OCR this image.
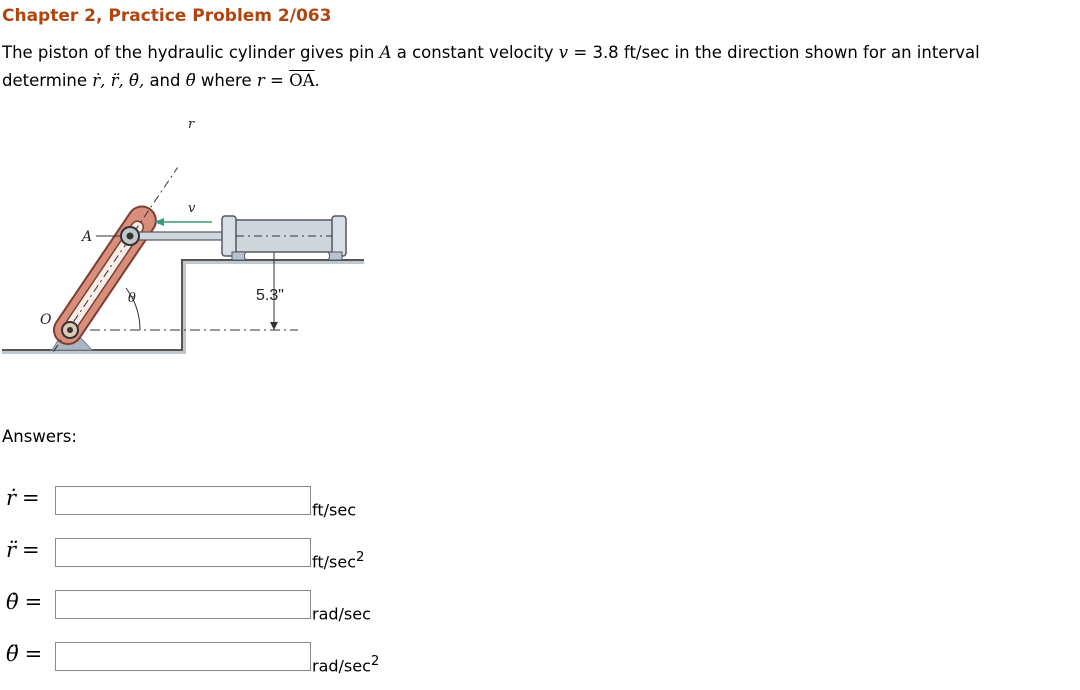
Chapter 2, Practice Problem 2/063
The piston of the hydraulic cylinder gives pin A a constant velocity v = 3.8 ft/sec in the direction shown for an interval
determine ṙ, r̈, θ̇, and θ̈ where $r = \overline{OA}$.
5.3"
O
θ
r
v
A
Answers:
ṙ =	ft/sec
r̈ =	$ft/\sec^2$
θ̇ =	rad/sec
θ̈ =	rad/$\sec^2$
